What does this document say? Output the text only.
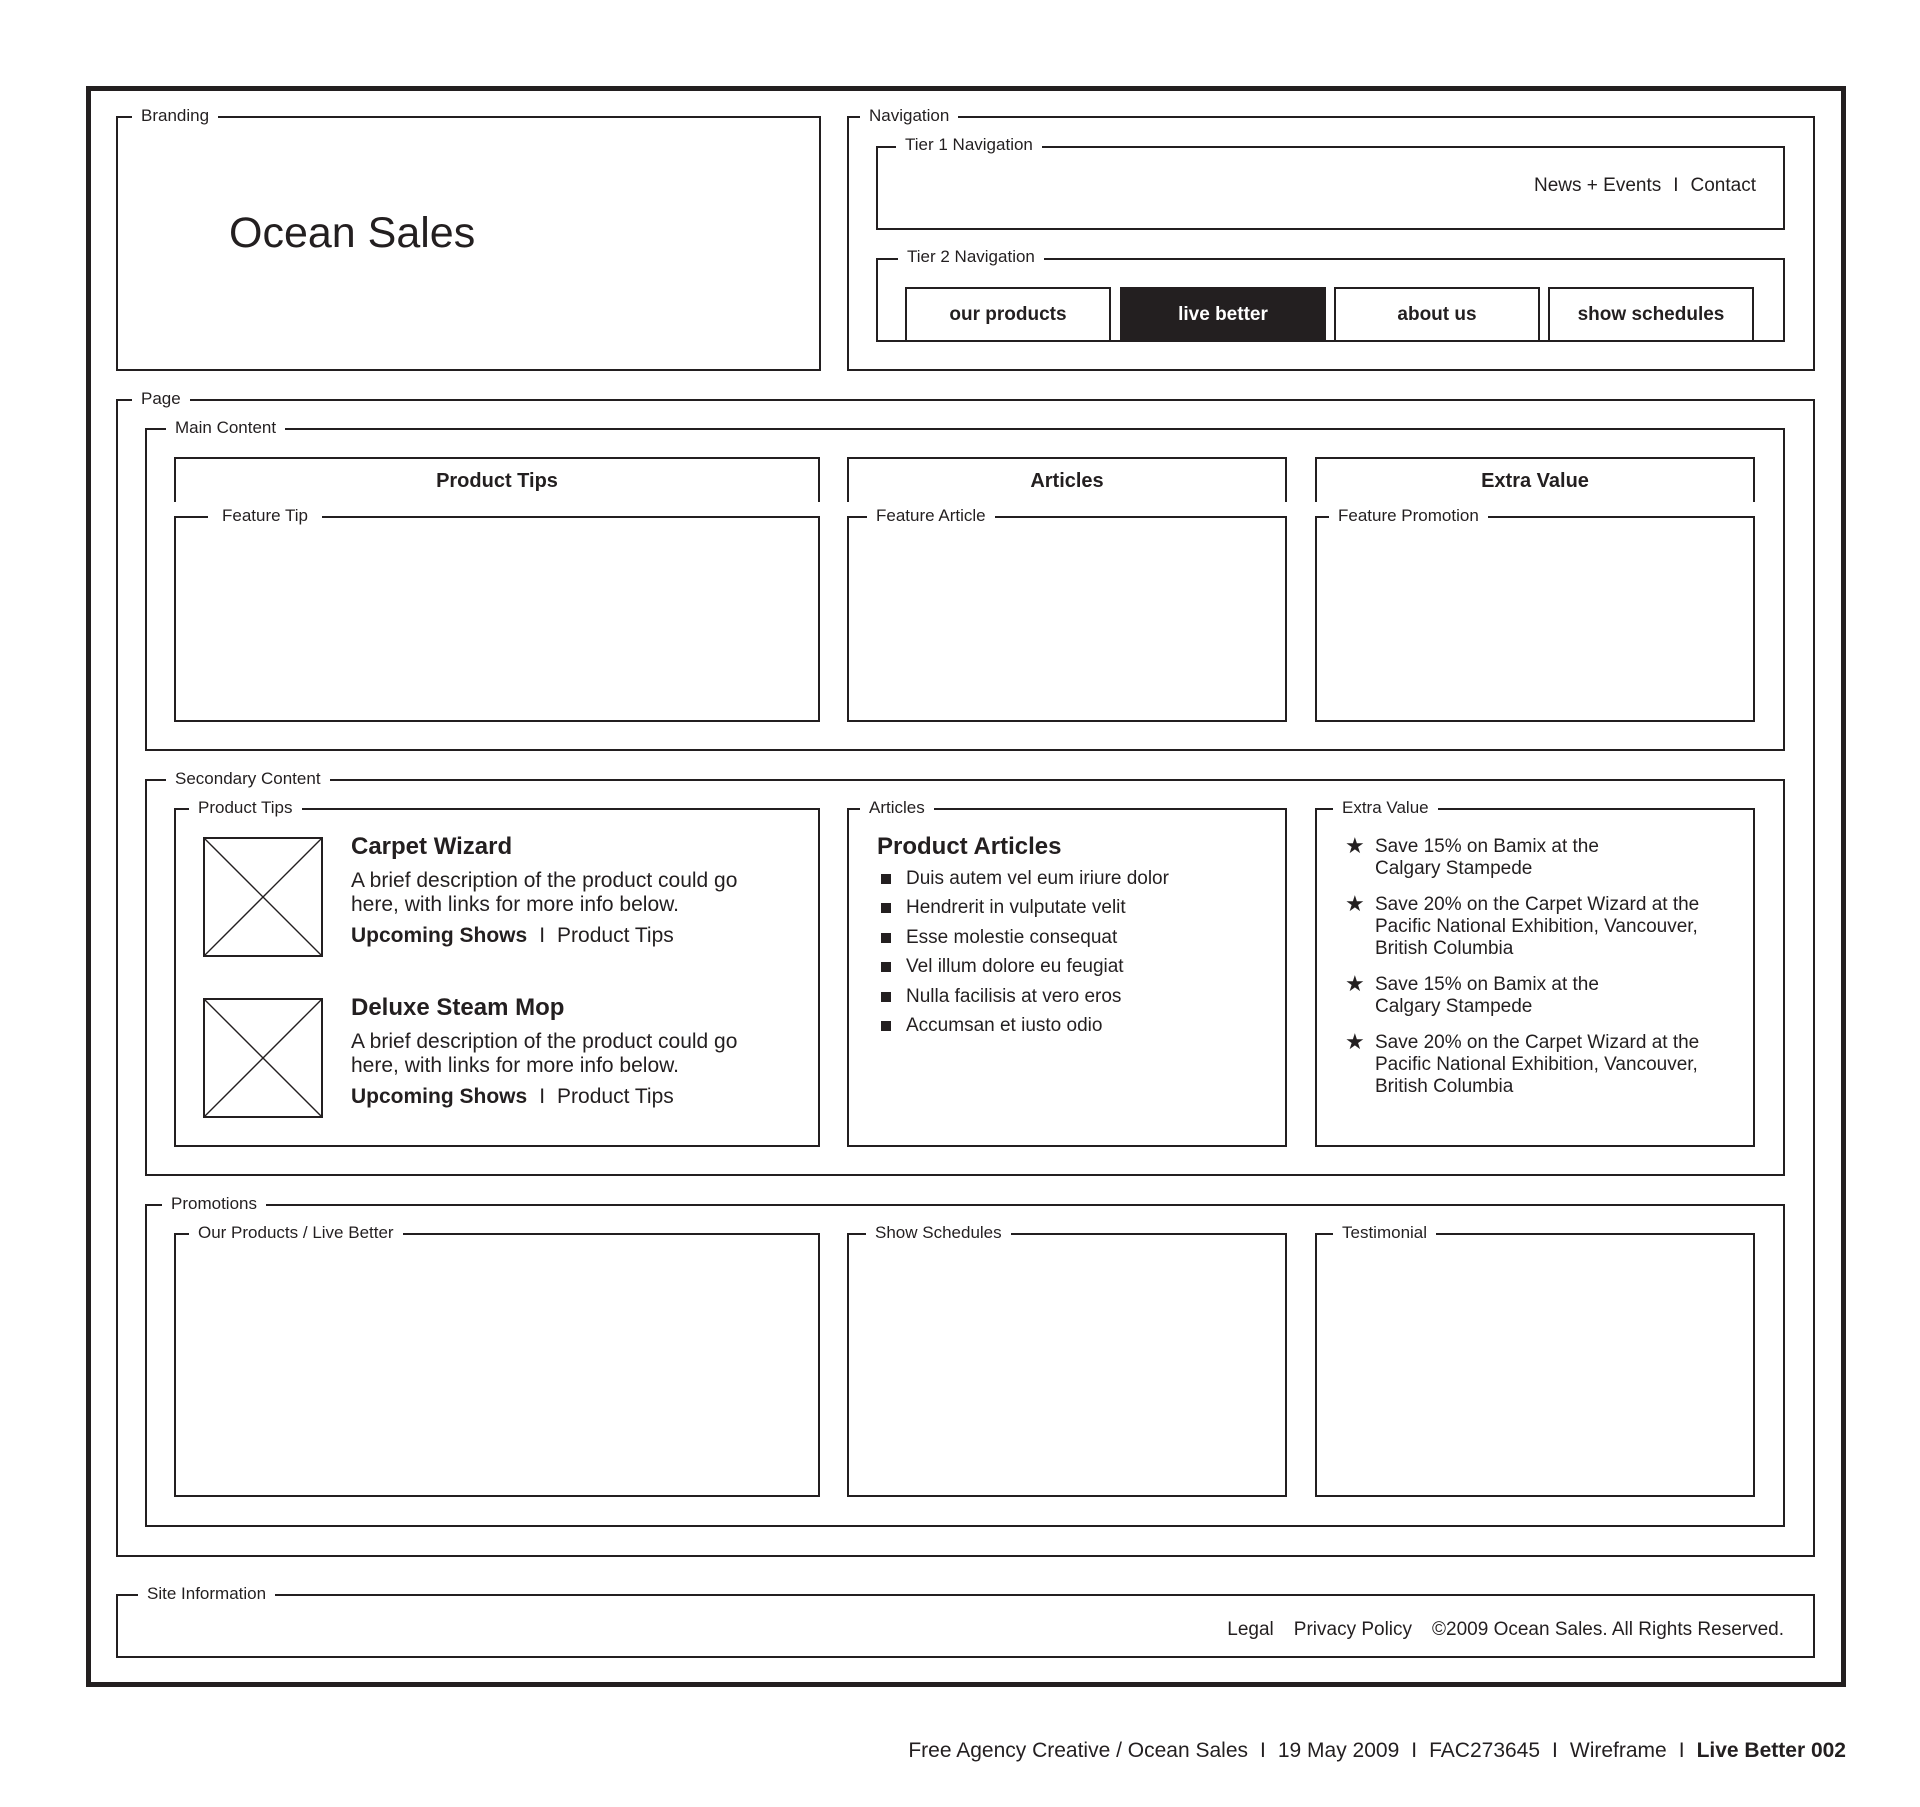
Branding
Ocean Sales
Navigation
Tier 1 Navigation
News + Events I Contact
Tier 2 Navigation
our products	live better	about us	show schedules
Page
Main Content
Product Tips
Feature Tip
Articles
Feature Article
Extra Value
Feature Promotion
Secondary Content
Product Tips
Carpet Wizard
A brief description of the product could go here, with links for more info below.
Upcoming Shows I Product Tips
Deluxe Steam Mop
A brief description of the product could go here, with links for more info below.
Upcoming Shows I Product Tips
Articles
Product Articles
Duis autem vel eum iriure dolor
Hendrerit in vulputate velit
Esse molestie consequat
Vel illum dolore eu feugiat
Nulla facilisis at vero eros
Accumsan et iusto odio
Extra Value
★ Save 15% on Bamix at the
Calgary Stampede
★ Save 20% on the Carpet Wizard at the
Pacific National Exhibition, Vancouver,
British Columbia
★ Save 15% on Bamix at the
Calgary Stampede
★ Save 20% on the Carpet Wizard at the
Pacific National Exhibition, Vancouver,
British Columbia
Promotions
Our Products / Live Better	Show Schedules	Testimonial
Site Information
Legal Privacy Policy ©2009 Ocean Sales. All Rights Reserved.
Free Agency Creative / Ocean Sales I 19 May 2009 I FAC273645 I Wireframe I Live Better 002
